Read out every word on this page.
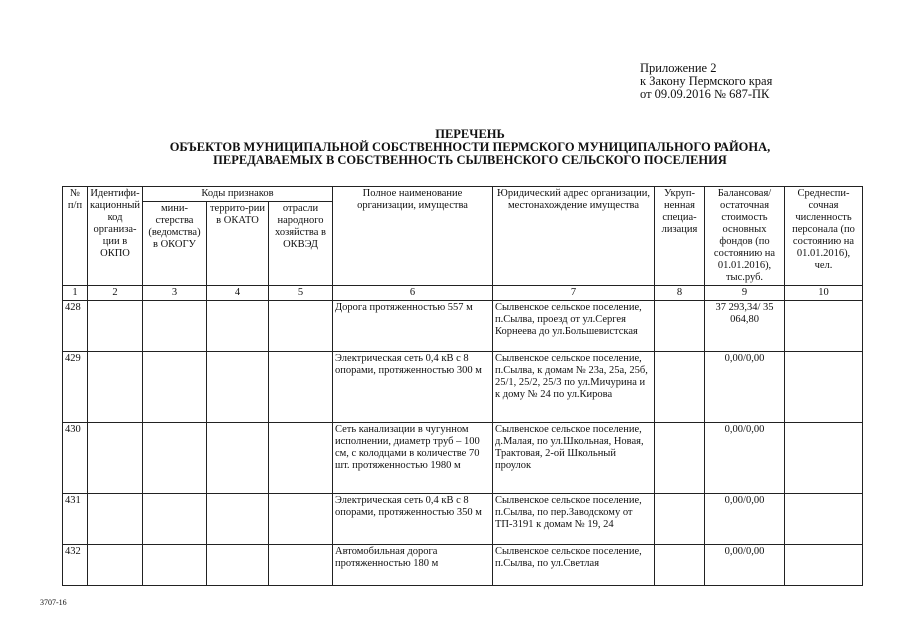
Приложение 2
к Закону Пермского края
от 09.09.2016 № 687-ПК
ПЕРЕЧЕНЬ
ОБЪЕКТОВ МУНИЦИПАЛЬНОЙ СОБСТВЕННОСТИ ПЕРМСКОГО МУНИЦИПАЛЬНОГО РАЙОНА,
ПЕРЕДАВАЕМЫХ В СОБСТВЕННОСТЬ СЫЛВЕНСКОГО СЕЛЬСКОГО ПОСЕЛЕНИЯ
№ п/п	Идентифи-кационный код организа-ции в ОКПО	Коды признаков			Полное наименование организации, имущества	Юридический адрес организации, местонахождение имущества	Укруп-ненная специа-лизация	Балансовая/ остаточная стоимость основных фондов (по состоянию на 01.01.2016), тыс.руб.	Среднеспи-сочная численность персонала (по состоянию на 01.01.2016), чел.
		мини-стерства (ведомства) в ОКОГУ	террито-рии в ОКАТО	отрасли народного хозяйства в ОКВЭД					
1	2	3	4	5	6	7	8	9	10
428					Дорога протяженностью 557 м	Сылвенское сельское поселение, п.Сылва, проезд от ул.Сергея Корнеева до ул.Большевистская		37 293,34/ 35 064,80	
429					Электрическая сеть 0,4 кВ с 8 опорами, протяженностью 300 м	Сылвенское сельское поселение, п.Сылва, к домам № 23а, 25а, 25б, 25/1, 25/2, 25/3 по ул.Мичурина и к дому № 24 по ул.Кирова		0,00/0,00	
430					Сеть канализации в чугунном исполнении, диаметр труб – 100 см, с колодцами в количестве 70 шт. протяженностью 1980 м	Сылвенское сельское поселение, д.Малая, по ул.Школьная, Новая, Трактовая, 2-ой Школьный проулок		0,00/0,00	
431					Электрическая сеть 0,4 кВ с 8 опорами, протяженностью 350 м	Сылвенское сельское поселение, п.Сылва, по пер.Заводскому от ТП-3191 к домам № 19, 24		0,00/0,00	
432					Автомобильная дорога протяженностью 180 м	Сылвенское сельское поселение, п.Сылва, по ул.Светлая		0,00/0,00	
3707-16
